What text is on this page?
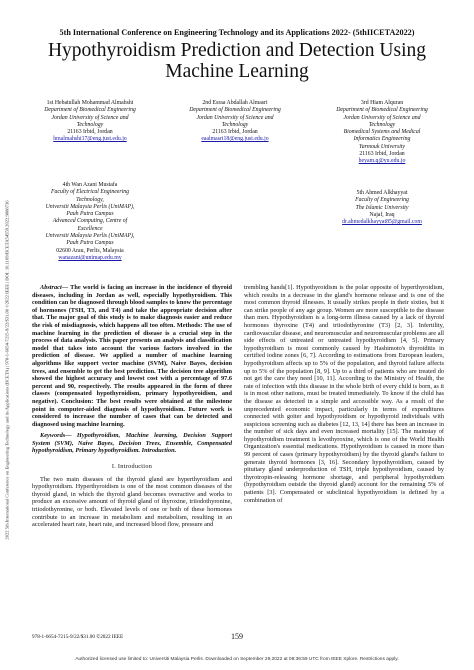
5th International Conference on Engineering Technology and its Applications 2022- (5thIICETA2022)
Hypothyroidism Prediction and Detection Using
Machine Learning
2022 5th International Conference on Engineering Technology and its Applications (IICETA) | 978-1-6654-7215-9/22/$31.00 ©2022 IEEE | DOI: 10.1109/IICETA54559.2022.9888736
1st Hebatullah Mohammad Almahshi
Department of Biomedical Engineering
Jordan University of Science and
Technology
21163 Irbid, Jordan
hmalmahshi17@eng.just.edu.jo
2nd Esraa Abdallah Almasri
Department of Biomedical Engineering
Jordan University of Science and
Technology
21163 Irbid, Jordan
eaalmasri18@eng.just.edu.jo
3rd Hiam Alquran
Department of Biomedical Engineering
Jordan University of Science and
Technology
Biomedical Systems and Medical
Informatics Engineering
Yarmouk University
21163 Irbid, Jordan
heyam.q@yu.edu.jo
4th Wan Azani Mustafa
Faculty of Electrical Engineering
Technology,
Universiti Malaysia Perlis (UniMAP),
Pauh Putra Campus
Advanced Computing, Centre of
Excellence
Universiti Malaysia Perlis (UniMAP),
Pauh Putra Campus
02600 Arau, Perlis, Malaysia
wanazani@unimap.edu.my
5th Ahmed Alkhayyat
Faculty of Engineering
The Islamic University
Najaf, Iraq
dr.ahmedalkhayyat85@gmail.com

Abstract— The world is facing an increase in the incidence of thyroid diseases, including in Jordan as well, especially hypothyroidism. This condition can be diagnosed through blood samples to know the percentage of hormones (TSH, T3, and T4) and take the appropriate decision after that. The major goal of this study is to make diagnosis easier and reduce the risk of misdiagnosis, which happens all too often. Methods: The use of machine learning in the prediction of disease is a crucial step in the process of data analysis. This paper presents an analysis and classification model that takes into account the various factors involved in the prediction of disease. We applied a number of machine learning algorithms like support vector machine (SVM), Naive Bayes, decision trees, and ensemble to get the best prediction. The decision tree algorithm showed the highest accuracy and lowest cost with a percentage of 97.6 percent and 90, respectively. The results appeared in the form of three classes (compensated hypothyroidism, primary hypothyroidism, and negative). Conclusion: The best results were obtained at the milestone point in computer-aided diagnosis of hypothyroidism. Future work is considered to increase the number of cases that can be detected and diagnosed using machine learning.

Keywords— Hypothyroidism, Machine learning, Decision Support System (SVM), Naive Bayes, Decision Trees, Ensemble, Compensated hypothyroidism, Primary hypothyroidism. Introduction.

I. Introduction

The two main diseases of the thyroid gland are hyperthyroidism and hypothyroidism. Hyperthyroidism is one of the most common diseases of the thyroid gland, in which the thyroid gland becomes overactive and works to produce an excessive amount of thyroid gland of thyroxine, triiodothyronine, triiodothyronine, or both. Elevated levels of one or both of these hormones contribute to an increase in metabolism and metabolism, resulting in an accelerated heart rate, heart rate, and increased blood flow, pressure and

trembling hands[1]. Hypothyroidism is the polar opposite of hyperthyroidism, which results in a decrease in the gland's hormone release and is one of the most common thyroid illnesses. It usually strikes people in their sixties, but it can strike people of any age group. Women are more susceptible to the disease than men. Hypothyroidism is a long-term illness caused by a lack of thyroid hormones thyroxine (T4) and triiodothyronine (T3) [2, 3]. Infertility, cardiovascular disease, and neuromuscular and neuromuscular problems are all side effects of untreated or untreated hypothyroidism [4, 5]. Primary hypothyroidism is most commonly caused by Hashimoto's thyroiditis in certified iodine zones [6, 7]. According to estimations from European leaders, hypothyroidism affects up to 5% of the population, and thyroid failure affects up to 5% of the population [8, 9]. Up to a third of patients who are treated do not get the care they need [10, 11]. According to the Ministry of Health, the rate of infection with this disease in the whole birth of every child is born, as it is in most other nations, must be treated immediately. To know if the child has the disease as detected in a simple and accessible way. As a result of the unprecedented economic impact, particularly in terms of expenditures connected with goiter and hypothyroidism or hypothyroid individuals with suspicious screening such as diabetes [12, 13, 14] there has been an increase in the number of sick days and even increased mortality [15]. The mainstay of hypothyroidism treatment is levothyroxine, which is one of the World Health Organization's essential medications. Hypothyroidism is caused in more than 99 percent of cases (primary hypothyroidism) by the thyroid gland's failure to generate thyroid hormones [3, 16]. Secondary hypothyroidism, caused by pituitary gland underproduction of TSH, triple hypothyroidism, caused by thyrotropin-releasing hormone shortage, and peripheral hypothyroidism (hypothyroidism outside the thyroid gland) account for the remaining 5% of patients [3]. Compensated or subclinical hypothyroidism is defined by a combination of

978-1-6654-7215-9/22/$31.00 ©2022 IEEE	159
Authorized licensed use limited to: Universiti Malaysia Perlis. Downloaded on September 29,2022 at 08:36:59 UTC from IEEE Xplore. Restrictions apply.
